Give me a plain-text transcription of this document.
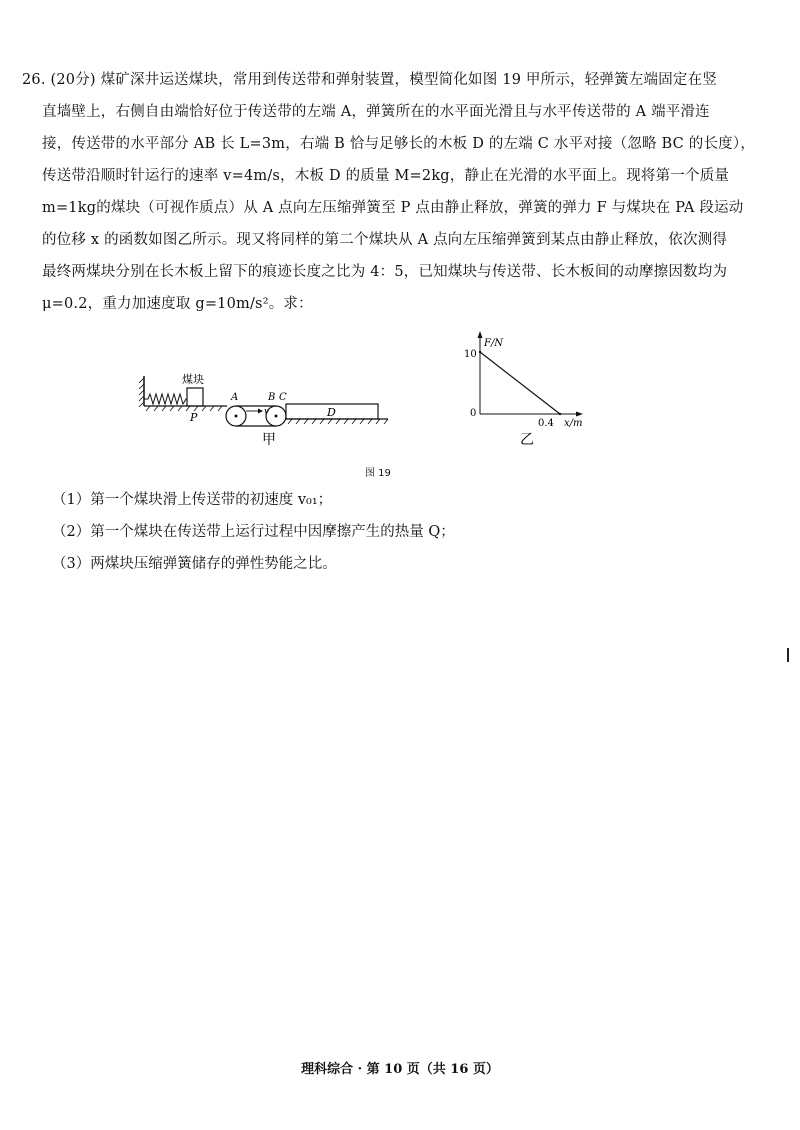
26. (20分) 煤矿深井运送煤块，常用到传送带和弹射装置，模型简化如图 19 甲所示，轻弹簧左端固定在竖

直墙壁上，右侧自由端恰好位于传送带的左端 A，弹簧所在的水平面光滑且与水平传送带的 A 端平滑连

接，传送带的水平部分 AB 长 L=3m，右端 B 恰与足够长的木板 D 的左端 C 水平对接（忽略 BC 的长度），

传送带沿顺时针运行的速率 v=4m/s，木板 D 的质量 M=2kg，静止在光滑的水平面上。现将第一个质量

m=1kg的煤块（可视作质点）从 A 点向左压缩弹簧至 P 点由静止释放，弹簧的弹力 F 与煤块在 PA 段运动

的位移 x 的函数如图乙所示。现又将同样的第二个煤块从 A 点向左压缩弹簧到某点由静止释放，依次测得

最终两煤块分别在长木板上留下的痕迹长度之比为 4：5，已知煤块与传送带、长木板间的动摩擦因数均为

μ=0.2，重力加速度取 g=10m/s²。求：

煤块
P
A	B C
v	D
甲
F/N
10
0
0.4 x/m
乙
图 19
（1）第一个煤块滑上传送带的初速度 v₀₁；
（2）第一个煤块在传送带上运行过程中因摩擦产生的热量 Q；
（3）两煤块压缩弹簧储存的弹性势能之比。
理科综合 · 第 10 页（共 16 页）
